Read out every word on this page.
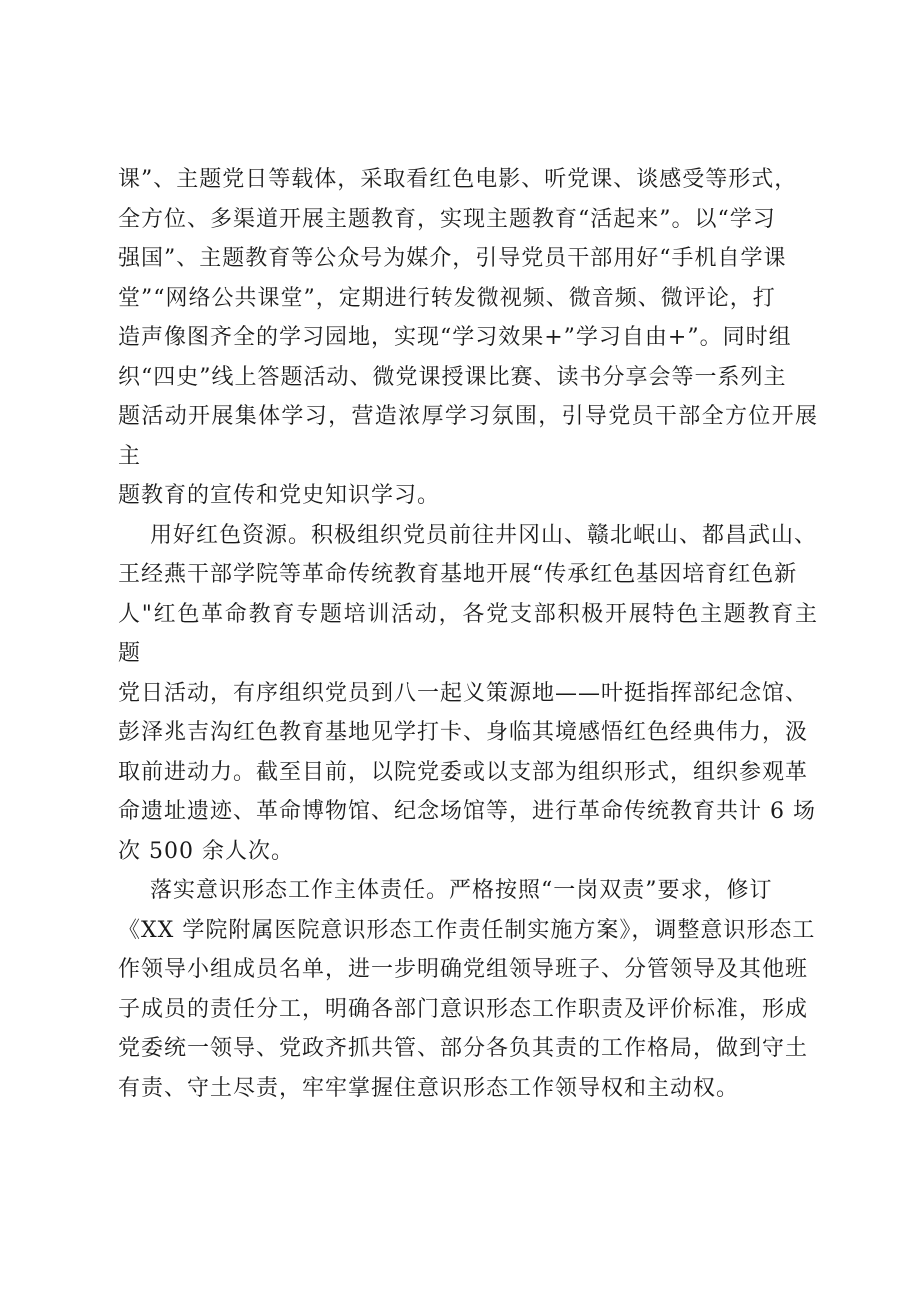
课”、主题党日等载体，采取看红色电影、听党课、谈感受等形式，
全方位、多渠道开展主题教育，实现主题教育“活起来”。以“学习
强国”、主题教育等公众号为媒介，引导党员干部用好“手机自学课
堂”“网络公共课堂”，定期进行转发微视频、微音频、微评论，打
造声像图齐全的学习园地，实现“学习效果+”学习自由+”。同时组
织“四史”线上答题活动、微党课授课比赛、读书分享会等一系列主
题活动开展集体学习，营造浓厚学习氛围，引导党员干部全方位开展主
题教育的宣传和党史知识学习。

用好红色资源。积极组织党员前往井冈山、赣北岷山、都昌武山、
王经燕干部学院等革命传统教育基地开展“传承红色基因培育红色新
人"红色革命教育专题培训活动，各党支部积极开展特色主题教育主题
党日活动，有序组织党员到八一起义策源地——叶挺指挥部纪念馆、
彭泽兆吉沟红色教育基地见学打卡、身临其境感悟红色经典伟力，汲
取前进动力。截至目前，以院党委或以支部为组织形式，组织参观革
命遗址遗迹、革命博物馆、纪念场馆等，进行革命传统教育共计 6 场
次 500 余人次。

落实意识形态工作主体责任。严格按照“一岗双责”要求，修订
《XX 学院附属医院意识形态工作责任制实施方案》，调整意识形态工
作领导小组成员名单，进一步明确党组领导班子、分管领导及其他班
子成员的责任分工，明确各部门意识形态工作职责及评价标准，形成
党委统一领导、党政齐抓共管、部分各负其责的工作格局，做到守土
有责、守土尽责，牢牢掌握住意识形态工作领导权和主动权。
